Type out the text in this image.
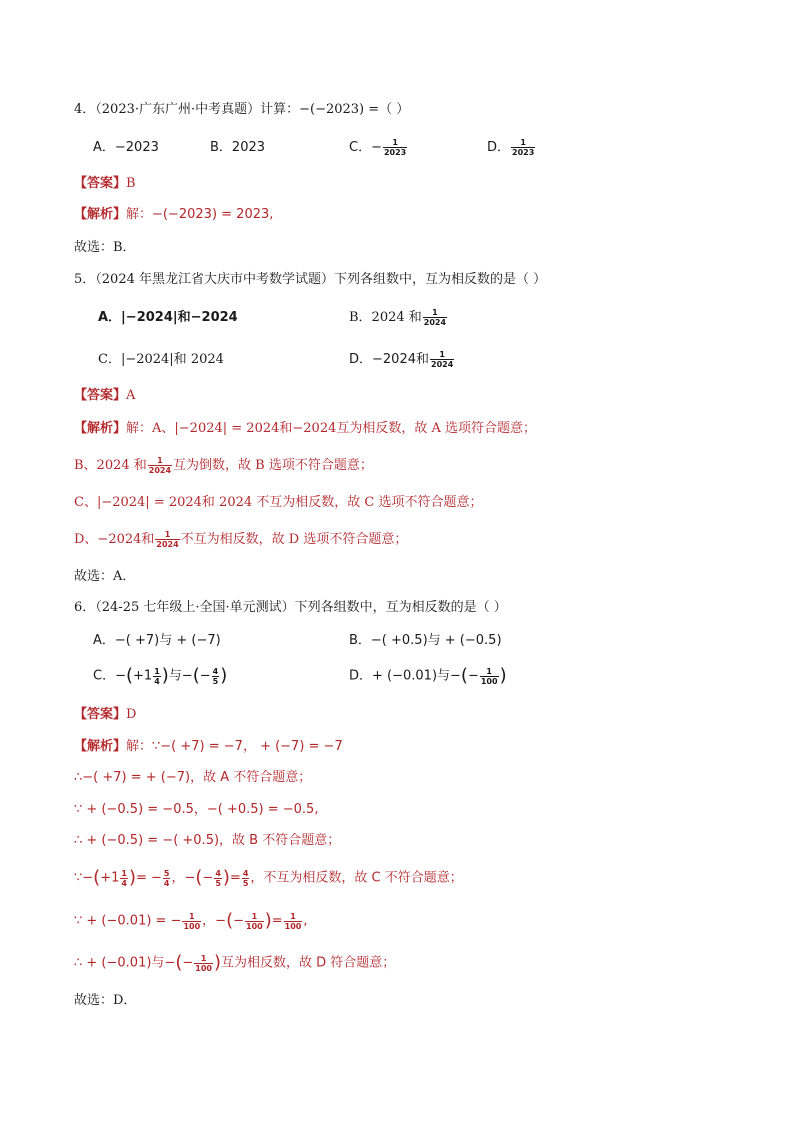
4．（2023·广东广州·中考真题）计算：−(−2023) =（ ）
A．−2023	B．2023	C．− $\frac{1}{2023}$	D． $\frac{1}{2023}$
【答案】B
【解析】解：−(−2023) = 2023,
故选：B．
5．（2024 年黑龙江省大庆市中考数学试题）下列各组数中，互为相反数的是（ ）
A．|−2024|和−2024	B．2024 和 $\frac{1}{2024}$
C．|−2024|和 2024	D．−2024和 $\frac{1}{2024}$
【答案】A
【解析】解：A、|−2024| = 2024和−2024互为相反数，故 A 选项符合题意；
B、2024 和 $\frac{1}{2024}$ 互为倒数，故 B 选项不符合题意；
C、|−2024| = 2024和 2024 不互为相反数，故 C 选项不符合题意；
D、−2024和 $\frac{1}{2024}$ 不互为相反数，故 D 选项不符合题意；
故选：A．
6．（24-25 七年级上·全国·单元测试）下列各组数中，互为相反数的是（ ）
A．−( +7)与 + (−7)	B．−( +0.5)与 + (−0.5)
C．$-(+1 \frac{1}{4}$ )与−(− $\frac{4}{5}$ )	D．+ (−0.01)与−(− $\frac{1}{100}$ )
【答案】D
【解析】解：∵−( +7) = −7， + (−7) = −7
∴−( +7) = + (−7)，故 A 不符合题意；
∵ + (−0.5) = −0.5，−( +0.5) = −0.5,
∴ + (−0.5) = −( +0.5)，故 B 不符合题意；
∵−(+1 $\frac{1}{4}$ )= − $\frac{5}{4}$ ，−(− $\frac{4}{5}$ )= $\frac{4}{5}$ ，不互为相反数，故 C 不符合题意；
∵ + (−0.01) = − $\frac{1}{100}$ ，−(− $\frac{1}{100}$ )= $\frac{1}{100}$ ,
∴ + (−0.01)与−(− $\frac{1}{100}$ )互为相反数，故 D 符合题意；
故选：D．
